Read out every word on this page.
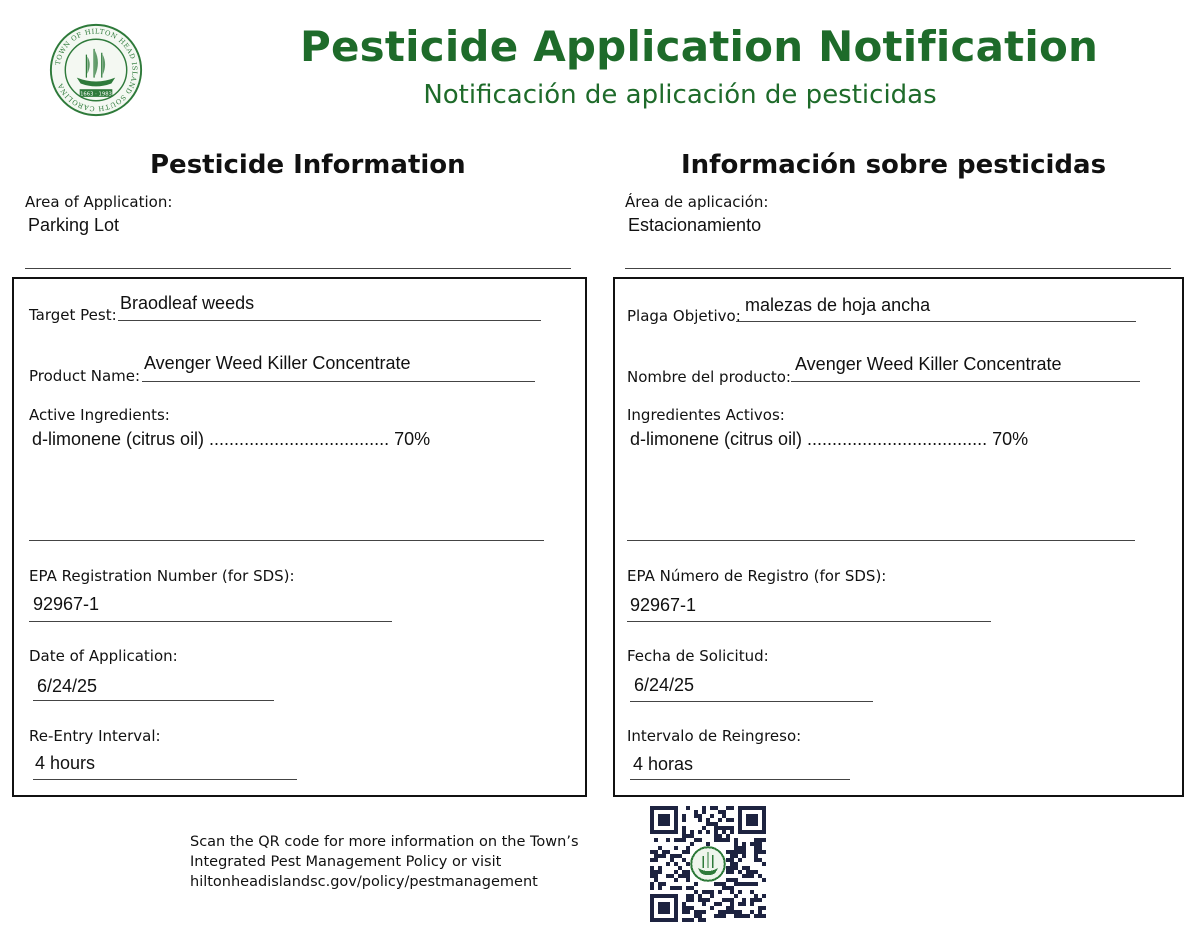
TOWN OF HILTON HEAD ISLAND SOUTH CAROLINA
1663 · 1983
Pesticide Application Notification
Notificación de aplicación de pesticidas
Pesticide Information
Area of Application:
Parking Lot
Target Pest:
Braodleaf weeds
Product Name:
Avenger Weed Killer Concentrate
Active Ingredients:
d-limonene (citrus oil) .................................... 70%
EPA Registration Number (for SDS):
92967-1
Date of Application:
6/24/25
Re-Entry Interval:
4 hours
Información sobre pesticidas
Área de aplicación:
Estacionamiento
Plaga Objetivo:
malezas de hoja ancha
Nombre del producto:
Avenger Weed Killer Concentrate
Ingredientes Activos:
d-limonene (citrus oil) .................................... 70%
EPA Número de Registro (for SDS):
92967-1
Fecha de Solicitud:
6/24/25
Intervalo de Reingreso:
4 horas
Scan the QR code for more information on the Town’s
Integrated Pest Management Policy or visit
hiltonheadislandsc.gov/policy/pestmanagement
